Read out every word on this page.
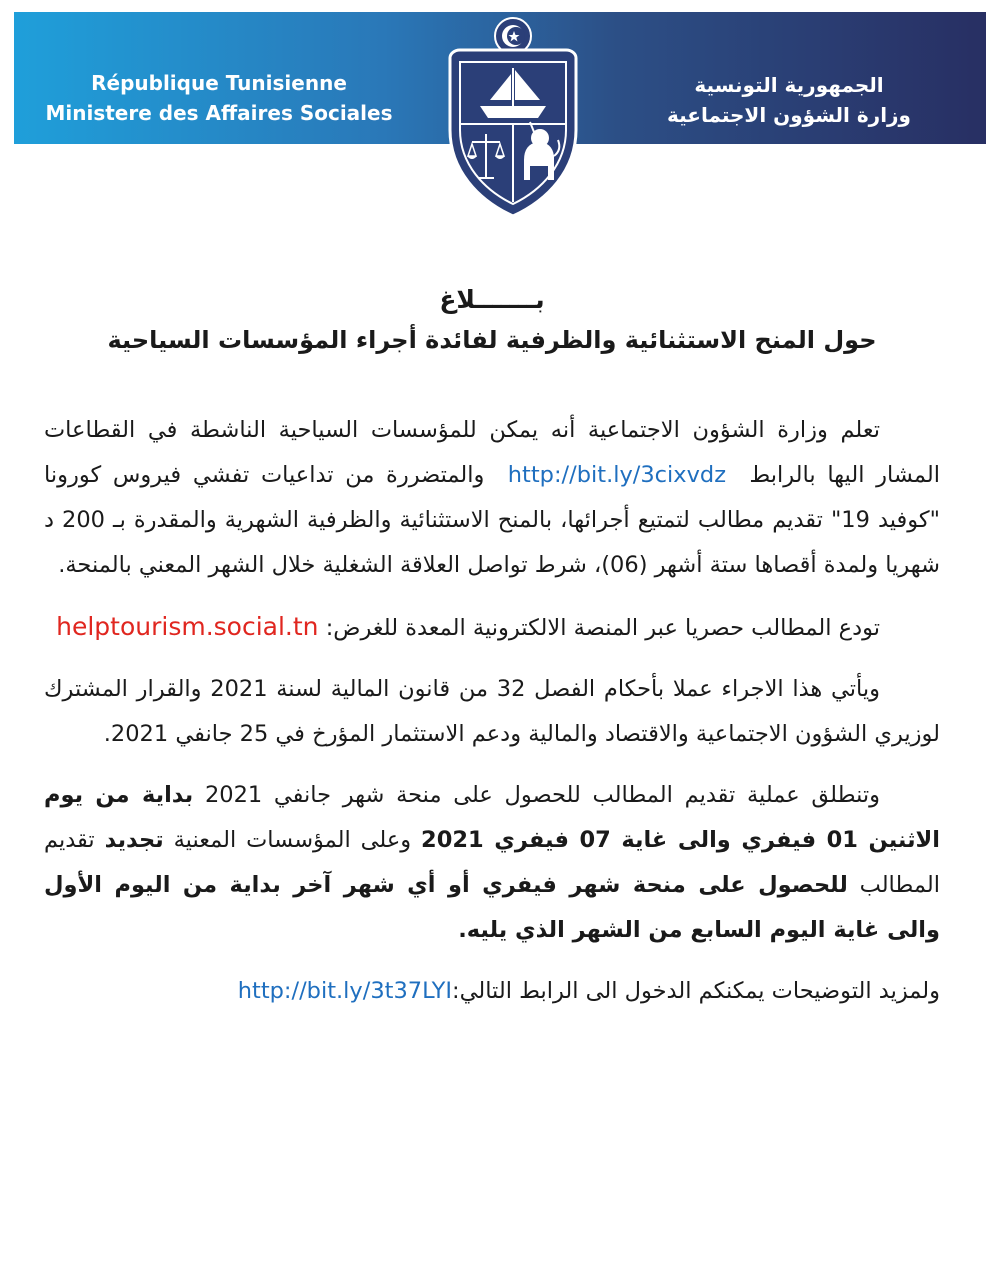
République Tunisienne
Ministere des Affaires Sociales
الجمهورية التونسية
وزارة الشؤون الاجتماعية

بـــــــلاغ

حول المنح الاستثنائية والظرفية لفائدة أجراء المؤسسات السياحية

تعلم وزارة الشؤون الاجتماعية أنه يمكن للمؤسسات السياحية الناشطة في القطاعات المشار اليها بالرابط  http://bit.ly/3cixvdz  والمتضررة من تداعيات تفشي فيروس كورونا "كوفيد 19" تقديم مطالب لتمتيع أجرائها، بالمنح الاستثنائية والظرفية الشهرية والمقدرة بـ 200 د شهريا ولمدة أقصاها ستة أشهر (06)، شرط تواصل العلاقة الشغلية خلال الشهر المعني بالمنحة.

تودع المطالب حصريا عبر المنصة الالكترونية المعدة للغرض: helptourism.social.tn

ويأتي هذا الاجراء عملا بأحكام الفصل 32 من قانون المالية لسنة 2021 والقرار المشترك لوزيري الشؤون الاجتماعية والاقتصاد والمالية ودعم الاستثمار المؤرخ في 25 جانفي 2021.

وتنطلق عملية تقديم المطالب للحصول على منحة شهر جانفي 2021 بداية من يوم الاثنين 01 فيفري والى غاية 07 فيفري 2021 وعلى المؤسسات المعنية تجديد تقديم المطالب للحصول على منحة شهر فيفري أو أي شهر آخر بداية من اليوم الأول والى غاية اليوم السابع من الشهر الذي يليه.

ولمزيد التوضيحات يمكنكم الدخول الى الرابط التالي:http://bit.ly/3t37LYI
